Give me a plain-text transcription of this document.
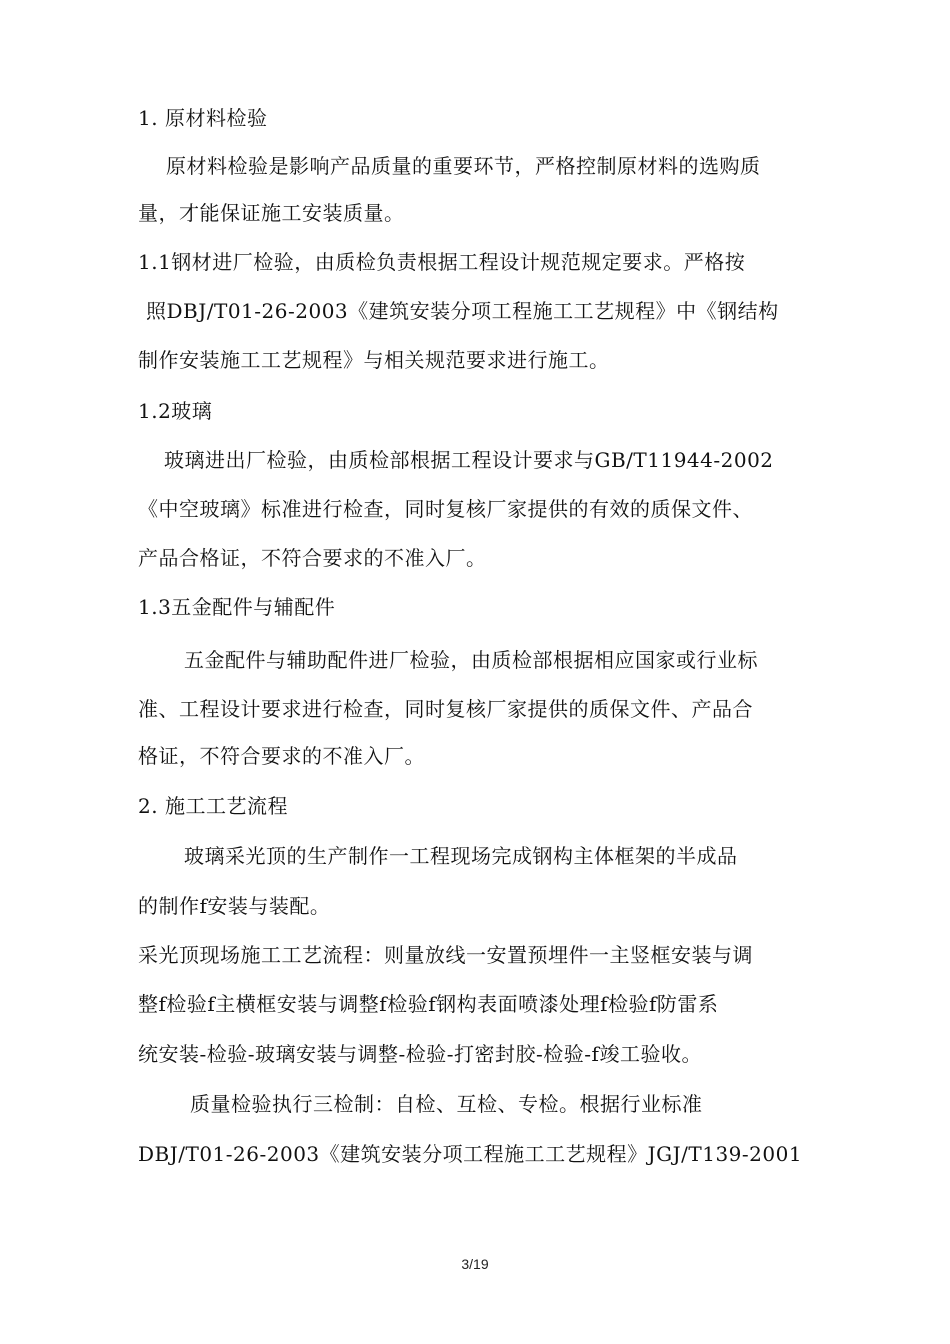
1. 原材料检验
原材料检验是影响产品质量的重要环节，严格控制原材料的选购质
量，才能保证施工安装质量。
1.1钢材进厂检验，由质检负责根据工程设计规范规定要求。严格按
照DBJ/T01-26-2003《建筑安装分项工程施工工艺规程》中《钢结构
制作安装施工工艺规程》与相关规范要求进行施工。
1.2玻璃
玻璃进出厂检验，由质检部根据工程设计要求与GB/T11944-2002
《中空玻璃》标准进行检查，同时复核厂家提供的有效的质保文件、
产品合格证，不符合要求的不准入厂。
1.3五金配件与辅配件
五金配件与辅助配件进厂检验，由质检部根据相应国家或行业标
准、工程设计要求进行检查，同时复核厂家提供的质保文件、产品合
格证，不符合要求的不准入厂。
2. 施工工艺流程
玻璃采光顶的生产制作一工程现场完成钢构主体框架的半成品
的制作f安装与装配。
采光顶现场施工工艺流程：则量放线一安置预埋件一主竖框安装与调
整f检验f主横框安装与调整f检验f钢构表面喷漆处理f检验f防雷系
统安装-检验-玻璃安装与调整-检验-打密封胶-检验-f竣工验收。
质量检验执行三检制：自检、互检、专检。根据行业标准
DBJ/T01-26-2003《建筑安装分项工程施工工艺规程》JGJ/T139-2001
3/19
